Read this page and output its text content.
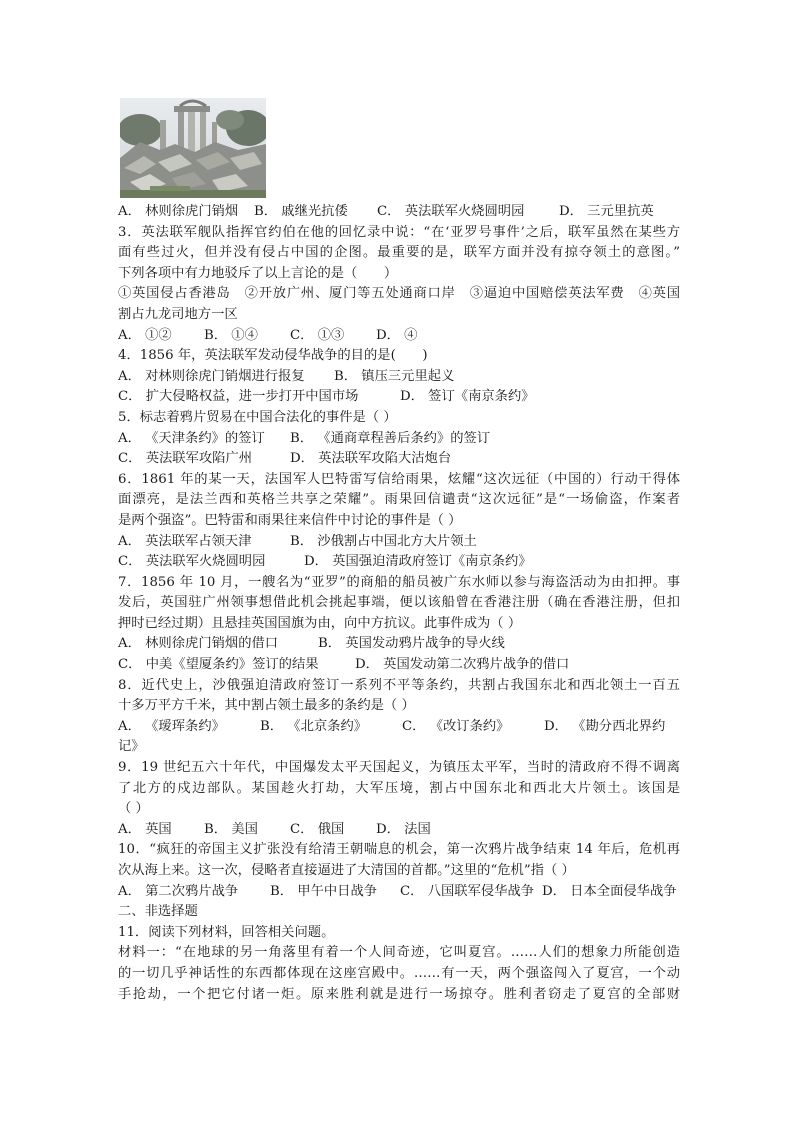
A． 林则徐虎门销烟 B． 戚继光抗倭 C． 英法联军火烧圆明园	D． 三元里抗英
3．英法联军舰队指挥官约伯在他的回忆录中说：“在‘亚罗号事件’之后，联军虽然在某些方
面有些过火，但并没有侵占中国的企图。最重要的是，联军方面并没有掠夺领土的意图。”
下列各项中有力地驳斥了以上言论的是（　　）
①英国侵占香港岛　②开放广州、厦门等五处通商口岸　③逼迫中国赔偿英法军费　④英国
割占九龙司地方一区
A． ①② B． ①④ C． ①③ D． ④
4．1856 年，英法联军发动侵华战争的目的是(　　)
A． 对林则徐虎门销烟进行报复 B． 镇压三元里起义
C． 扩大侵略权益，进一步打开中国市场	D． 签订《南京条约》
5．标志着鸦片贸易在中国合法化的事件是（ ）
A． 《天津条约》的签订 B． 《通商章程善后条约》的签订
C． 英法联军攻陷广州	D． 英法联军攻陷大沽炮台
6．1861 年的某一天，法国军人巴特雷写信给雨果，炫耀“这次远征（中国的）行动干得体
面漂亮，是法兰西和英格兰共享之荣耀”。雨果回信谴责“这次远征”是“一场偷盗，作案者
是两个强盗”。巴特雷和雨果往来信件中讨论的事件是（ ）
A． 英法联军占领天津	B． 沙俄割占中国北方大片领土
C． 英法联军火烧圆明园	D． 英国强迫清政府签订《南京条约》
7．1856 年 10 月，一艘名为“亚罗”的商船的船员被广东水师以参与海盗活动为由扣押。事
发后，英国驻广州领事想借此机会挑起事端，便以该船曾在香港注册（确在香港注册，但扣
押时已经过期）且悬挂英国国旗为由，向中方抗议。此事件成为（ ）
A． 林则徐虎门销烟的借口	B． 英国发动鸦片战争的导火线
C． 中美《望厦条约》签订的结果	D． 英国发动第二次鸦片战争的借口
8．近代史上，沙俄强迫清政府签订一系列不平等条约，共割占我国东北和西北领土一百五
十多万平方千米，其中割占领土最多的条约是（ ）
A． 《瑷珲条约》	B． 《北京条约》	C． 《改订条约》	D． 《勘分西北界约
记》
9．19 世纪五六十年代，中国爆发太平天国起义，为镇压太平军，当时的清政府不得不调离
了北方的戍边部队。某国趁火打劫，大军压境，割占中国东北和西北大片领土。该国是
（ ）
A． 英国 B． 美国 C． 俄国 D． 法国
10．“疯狂的帝国主义扩张没有给清王朝喘息的机会，第一次鸦片战争结束 14 年后，危机再
次从海上来。这一次，侵略者直接逼进了大清国的首都。”这里的“危机”指（ ）
A． 第二次鸦片战争 B． 甲午中日战争 C． 八国联军侵华战争 D． 日本全面侵华战争
二、非选择题
11．阅读下列材料，回答相关问题。
材料一：“在地球的另一角落里有着一个人间奇迹，它叫夏宫。……人们的想象力所能创造
的一切几乎神话性的东西都体现在这座宫殿中。……有一天，两个强盗闯入了夏宫，一个动
手抢劫，一个把它付诸一炬。原来胜利就是进行一场掠夺。胜利者窃走了夏宫的全部财
